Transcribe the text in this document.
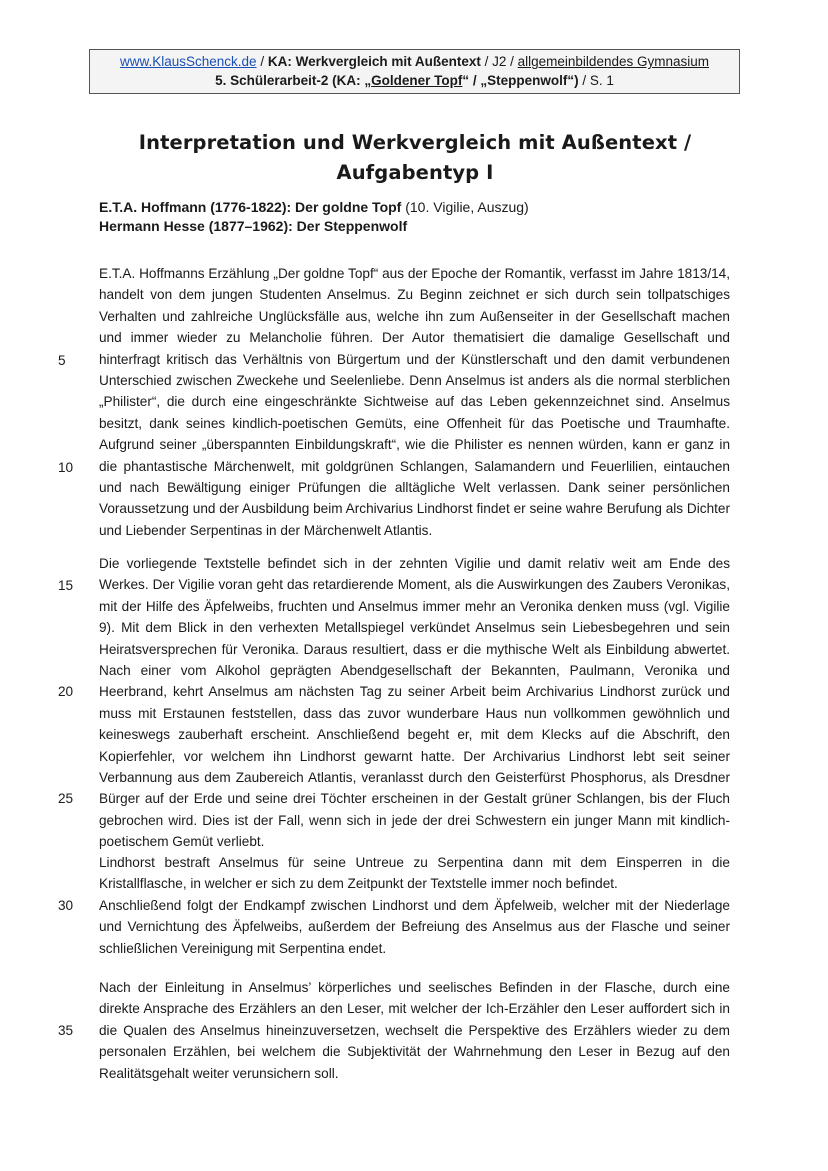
www.KlausSchenck.de / KA: Werkvergleich mit Außentext / J2 / allgemeinbildendes Gymnasium
5. Schülerarbeit-2 (KA: „Goldener Topf“ / „Steppenwolf“) / S. 1
Interpretation und Werkvergleich mit Außentext /
Aufgabentyp I
E.T.A. Hoffmann (1776-1822): Der goldne Topf (10. Vigilie, Auszug)
Hermann Hesse (1877–1962): Der Steppenwolf

E.T.A. Hoffmanns Erzählung „Der goldne Topf“ aus der Epoche der Romantik, verfasst im Jahre 1813/14, handelt von dem jungen Studenten Anselmus. Zu Beginn zeichnet er sich durch sein tollpatschiges Verhalten und zahlreiche Unglücksfälle aus, welche ihn zum Außenseiter in der Gesellschaft machen und immer wieder zu Melancholie führen. Der Autor thematisiert die damalige Gesellschaft und hinterfragt kritisch das Verhältnis von Bürgertum und der Künstlerschaft und den damit verbundenen Unterschied zwischen Zweckehe und Seelenliebe. Denn Anselmus ist anders als die normal sterblichen „Philister“, die durch eine eingeschränkte Sichtweise auf das Leben gekennzeichnet sind. Anselmus besitzt, dank seines kindlich-poetischen Gemüts, eine Offenheit für das Poetische und Traumhafte. Aufgrund seiner „überspannten Einbildungskraft“, wie die Philister es nennen würden, kann er ganz in die phantastische Märchenwelt, mit goldgrünen Schlangen, Salamandern und Feuerlilien, eintauchen und nach Bewältigung einiger Prüfungen die alltägliche Welt verlassen. Dank seiner persönlichen Voraussetzung und der Ausbildung beim Archivarius Lindhorst findet er seine wahre Berufung als Dichter und Liebender Serpentinas in der Märchenwelt Atlantis.

Die vorliegende Textstelle befindet sich in der zehnten Vigilie und damit relativ weit am Ende des Werkes. Der Vigilie voran geht das retardierende Moment, als die Auswirkungen des Zaubers Veronikas, mit der Hilfe des Äpfelweibs, fruchten und Anselmus immer mehr an Veronika denken muss (vgl. Vigilie 9). Mit dem Blick in den verhexten Metallspiegel verkündet Anselmus sein Liebesbegehren und sein Heiratsversprechen für Veronika. Daraus resultiert, dass er die mythische Welt als Einbildung abwertet. Nach einer vom Alkohol geprägten Abendgesellschaft der Bekannten, Paulmann, Veronika und Heerbrand, kehrt Anselmus am nächsten Tag zu seiner Arbeit beim Archivarius Lindhorst zurück und muss mit Erstaunen feststellen, dass das zuvor wunderbare Haus nun vollkommen gewöhnlich und keineswegs zauberhaft erscheint. Anschließend begeht er, mit dem Klecks auf die Abschrift, den Kopierfehler, vor welchem ihn Lindhorst gewarnt hatte. Der Archivarius Lindhorst lebt seit seiner Verbannung aus dem Zaubereich Atlantis, veranlasst durch den Geisterfürst Phosphorus, als Dresdner Bürger auf der Erde und seine drei Töchter erscheinen in der Gestalt grüner Schlangen, bis der Fluch gebrochen wird. Dies ist der Fall, wenn sich in jede der drei Schwestern ein junger Mann mit kindlich-poetischem Gemüt verliebt.

Lindhorst bestraft Anselmus für seine Untreue zu Serpentina dann mit dem Einsperren in die Kristallflasche, in welcher er sich zu dem Zeitpunkt der Textstelle immer noch befindet.

Anschließend folgt der Endkampf zwischen Lindhorst und dem Äpfelweib, welcher mit der Niederlage und Vernichtung des Äpfelweibs, außerdem der Befreiung des Anselmus aus der Flasche und seiner schließlichen Vereinigung mit Serpentina endet.

Nach der Einleitung in Anselmus’ körperliches und seelisches Befinden in der Flasche, durch eine direkte Ansprache des Erzählers an den Leser, mit welcher der Ich-Erzähler den Leser auffordert sich in die Qualen des Anselmus hineinzuversetzen, wechselt die Perspektive des Erzählers wieder zu dem personalen Erzählen, bei welchem die Subjektivität der Wahrnehmung den Leser in Bezug auf den Realitätsgehalt weiter verunsichern soll.

5
10
15
20
25
30
35
